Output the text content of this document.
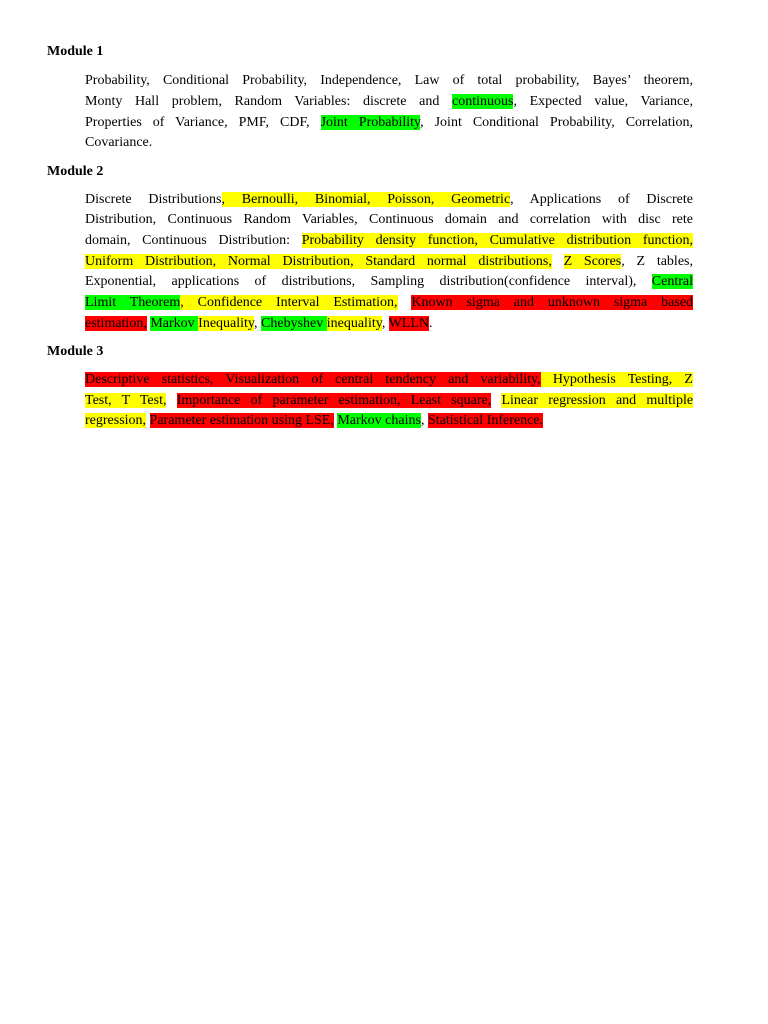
Module 1
Probability, Conditional Probability, Independence, Law of total probability, Bayes’ theorem,
Monty Hall problem, Random Variables: discrete and continuous, Expected value, Variance,
Properties of Variance, PMF, CDF, Joint Probability, Joint Conditional Probability, Correlation,
Covariance.
Module 2
Discrete Distributions, Bernoulli, Binomial, Poisson, Geometric, Applications of Discrete
Distribution, Continuous Random Variables, Continuous domain and correlation with disc rete
domain, Continuous Distribution: Probability density function, Cumulative distribution function,
Uniform Distribution, Normal Distribution, Standard normal distributions, Z Scores, Z tables,
Exponential, applications of distributions, Sampling distribution(confidence interval), Central
Limit Theorem, Confidence Interval Estimation, Known sigma and unknown sigma based
estimation, Markov Inequality, Chebyshev inequality, WLLN.
Module 3
Descriptive statistics, Visualization of central tendency and variability, Hypothesis Testing, Z
Test, T Test, Importance of parameter estimation, Least square, Linear regression and multiple
regression, Parameter estimation using LSE, Markov chains, Statistical Inference.
